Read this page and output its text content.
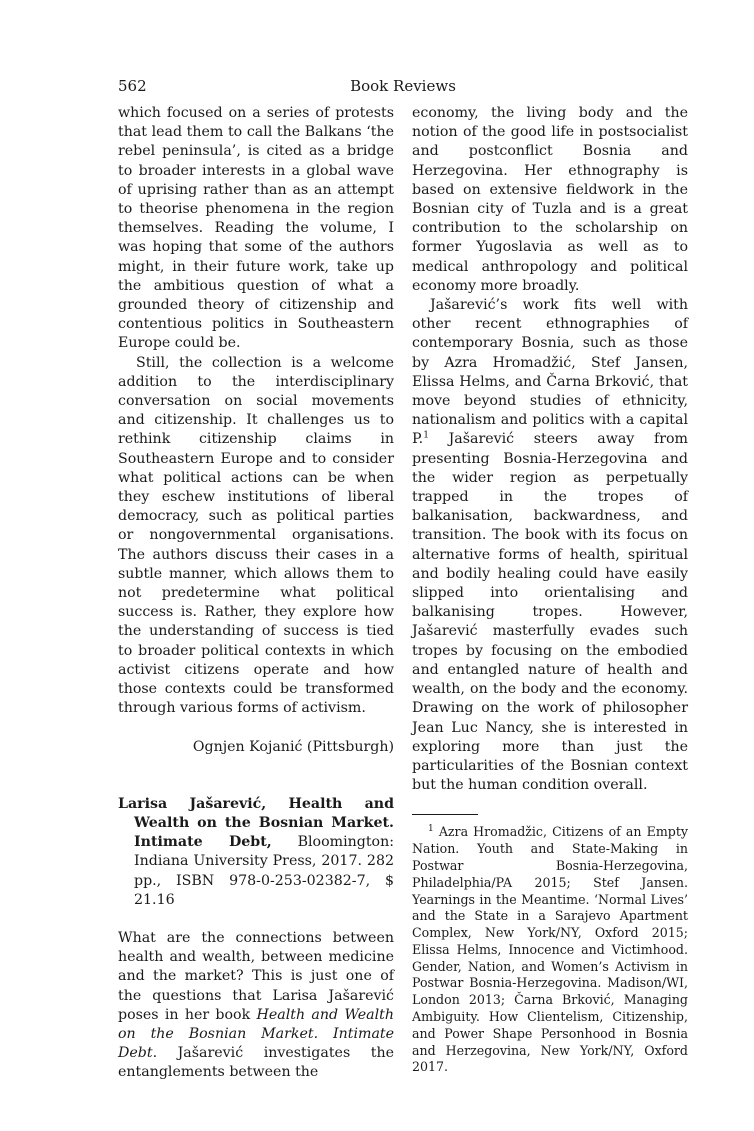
562	Book Reviews

which focused on a series of protests that lead them to call the Balkans ‘the rebel peninsula’, is cited as a bridge to broader interests in a global wave of uprising rather than as an attempt to theorise phenomena in the region themselves. Reading the volume, I was hoping that some of the authors might, in their future work, take up the ambitious question of what a grounded theory of citizenship and contentious politics in Southeastern Europe could be.

Still, the collection is a welcome addition to the interdisciplinary conversation on social movements and citizenship. It challenges us to rethink citizenship claims in Southeastern Europe and to consider what political actions can be when they eschew institutions of liberal democracy, such as political parties or nongovernmental organisations. The authors discuss their cases in a subtle manner, which allows them to not predetermine what political success is. Rather, they explore how the understanding of success is tied to broader political contexts in which activist citizens operate and how those contexts could be transformed through various forms of activism.

Ognjen Kojanić (Pittsburgh)

Larisa Jašarević, Health and Wealth on the Bosnian Market. Intimate Debt, Bloomington: Indiana University Press, 2017. 282 pp., ISBN 978-0-253-02382-7, $ 21.16

What are the connections between health and wealth, between medicine and the market? This is just one of the questions that Larisa Jašarević poses in her book Health and Wealth on the Bosnian Market. Intimate Debt. Jašarević investigates the entanglements between the

economy, the living body and the notion of the good life in postsocialist and postconflict Bosnia and Herzegovina. Her ethnography is based on extensive fieldwork in the Bosnian city of Tuzla and is a great contribution to the scholarship on former Yugoslavia as well as to medical anthropology and political economy more broadly.

Jašarević’s work fits well with other recent ethnographies of contemporary Bosnia, such as those by Azra Hromadžić, Stef Jansen, Elissa Helms, and Čarna Brković, that move beyond studies of ethnicity, nationalism and politics with a capital P.$^1$ Jašarević steers away from presenting Bosnia-Herzegovina and the wider region as perpetually trapped in the tropes of balkanisation, backwardness, and transition. The book with its focus on alternative forms of health, spiritual and bodily healing could have easily slipped into orientalising and balkanising tropes. However, Jašarević masterfully evades such tropes by focusing on the embodied and entangled nature of health and wealth, on the body and the economy. Drawing on the work of philosopher Jean Luc Nancy, she is interested in exploring more than just the particularities of the Bosnian context but the human condition overall.

$^1$ Azra Hromadžic, Citizens of an Empty Nation. Youth and State-Making in Postwar Bosnia-Herzegovina, Philadelphia/PA 2015; Stef Jansen. Yearnings in the Meantime. ‘Normal Lives’ and the State in a Sarajevo Apartment Complex, New York/NY, Oxford 2015; Elissa Helms, Innocence and Victimhood. Gender, Nation, and Women’s Activism in Postwar Bosnia-Herzegovina. Madison/WI, London 2013; Čarna Brković, Managing Ambiguity. How Clientelism, Citizenship, and Power Shape Personhood in Bosnia and Herzegovina, New York/NY, Oxford 2017.
